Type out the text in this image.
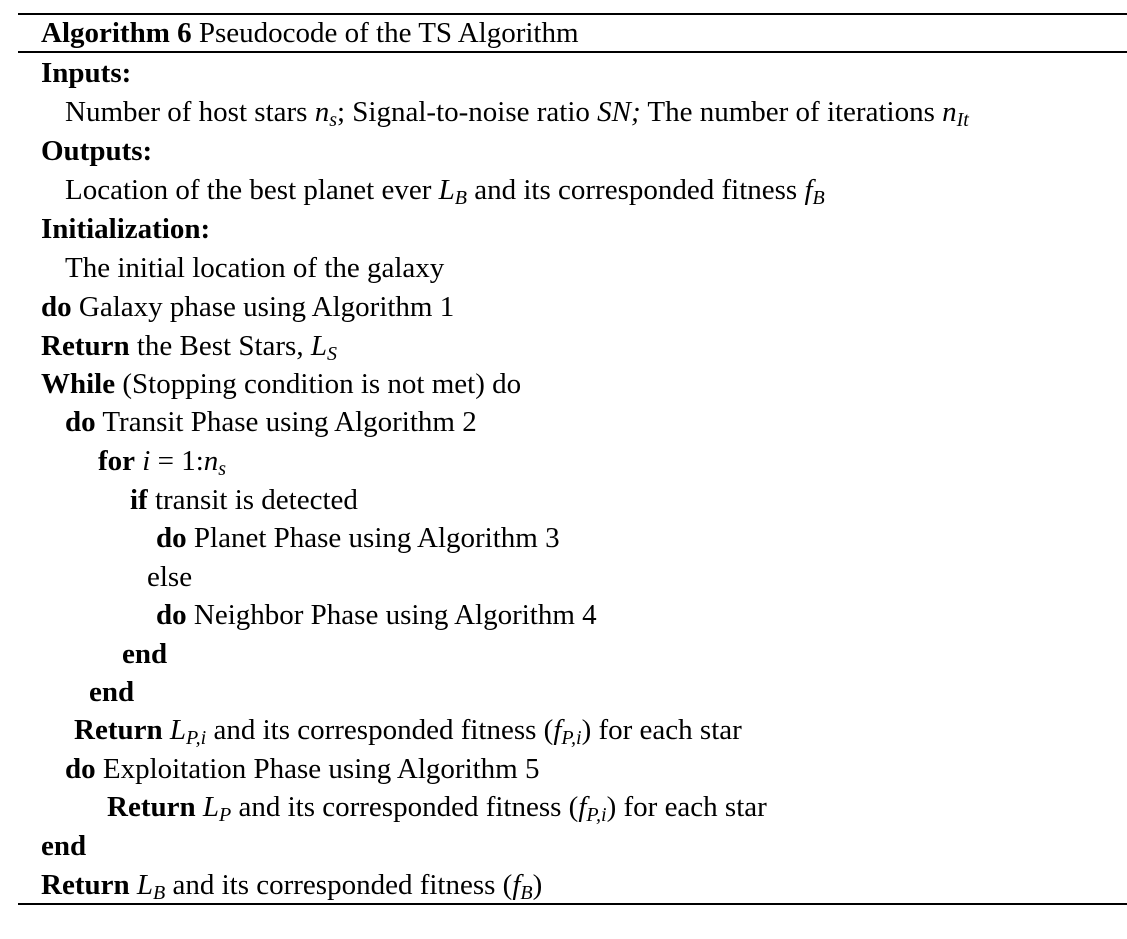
Algorithm 6 Pseudocode of the TS Algorithm
Inputs:
Number of host stars $n_s$; Signal-to-noise ratio SN; The number of iterations $n_{It}$
Outputs:
Location of the best planet ever $L_B$ and its corresponded fitness $f_B$
Initialization:
The initial location of the galaxy
do Galaxy phase using Algorithm 1
Return the Best Stars, $L_S$
While (Stopping condition is not met) do
do Transit Phase using Algorithm 2
for $i = 1:n_s$
if transit is detected
do Planet Phase using Algorithm 3
else
do Neighbor Phase using Algorithm 4
end
end
Return $L_{P,i}$ and its corresponded fitness $(f_{P,i})$ for each star
do Exploitation Phase using Algorithm 5
Return $L_P$ and its corresponded fitness $(f_{P,i})$ for each star
end
Return $L_B$ and its corresponded fitness $(f_B)$
